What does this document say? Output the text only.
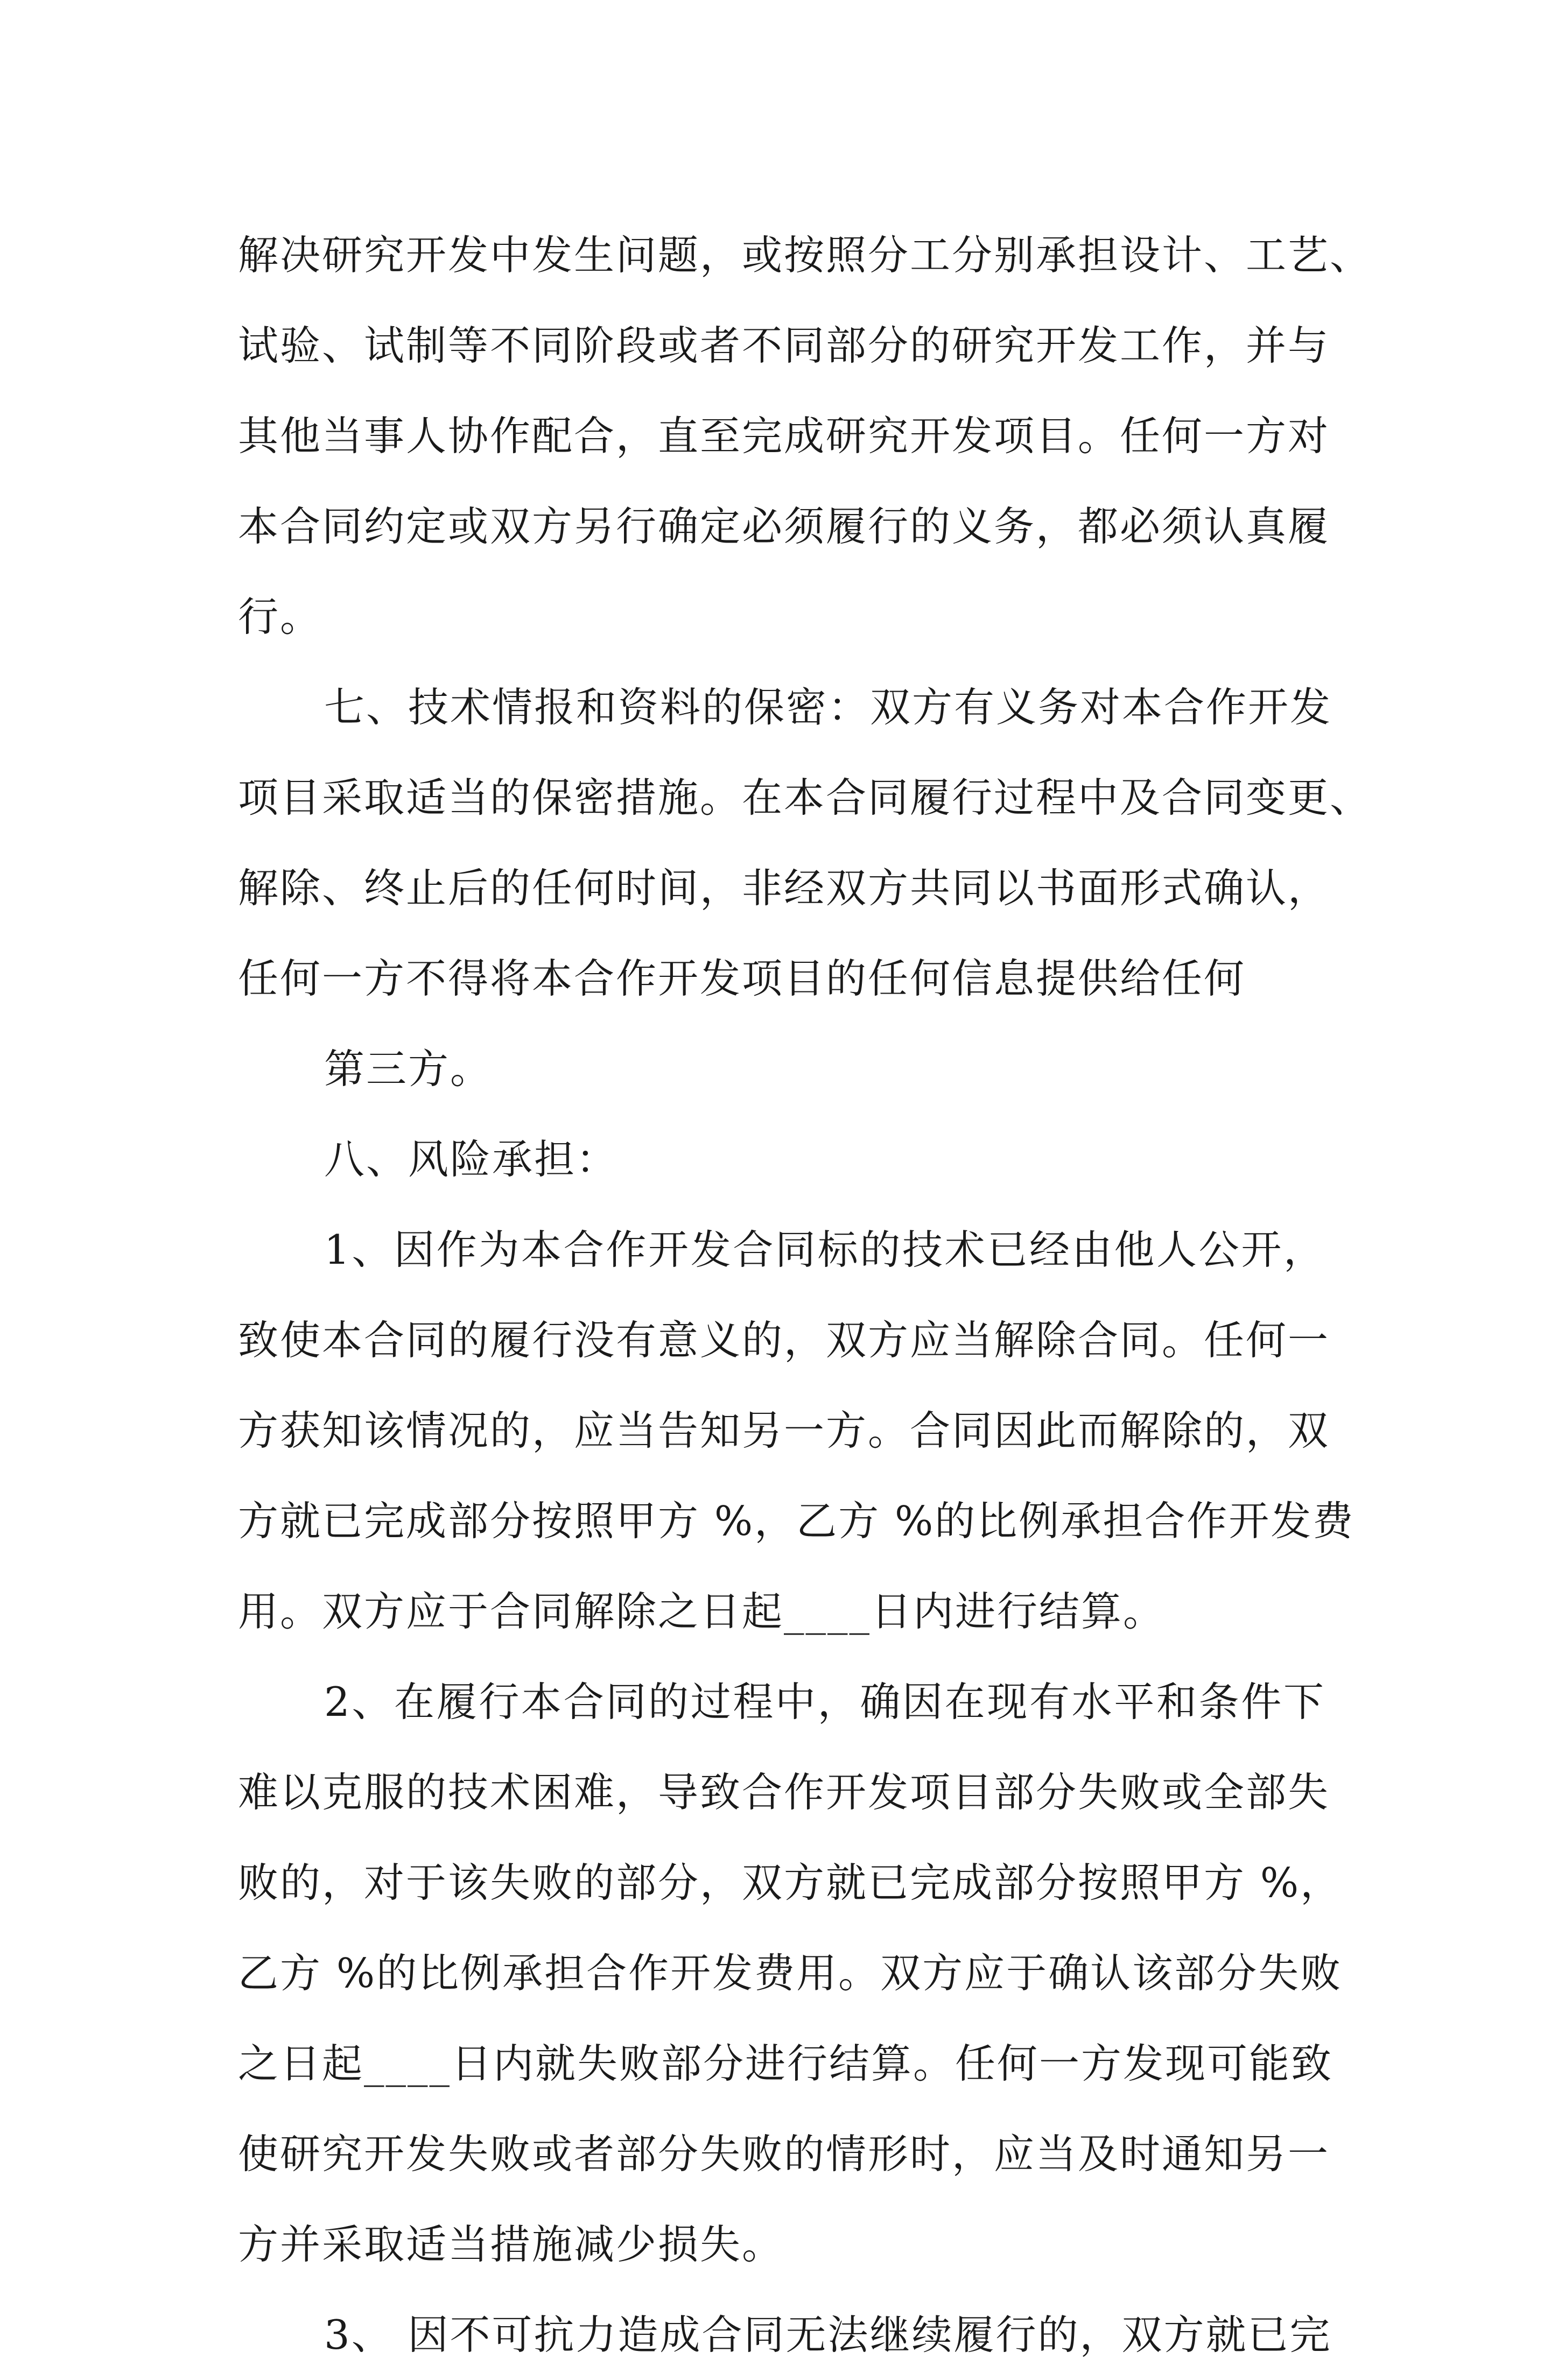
解决研究开发中发生问题，或按照分工分别承担设计、工艺、
试验、试制等不同阶段或者不同部分的研究开发工作，并与
其他当事人协作配合，直至完成研究开发项目。任何一方对
本合同约定或双方另行确定必须履行的义务，都必须认真履
行。
七、技术情报和资料的保密：双方有义务对本合作开发
项目采取适当的保密措施。在本合同履行过程中及合同变更、
解除、终止后的任何时间，非经双方共同以书面形式确认，
任何一方不得将本合作开发项目的任何信息提供给任何
第三方。
八、风险承担：
1、因作为本合作开发合同标的技术已经由他人公开，
致使本合同的履行没有意义的，双方应当解除合同。任何一
方获知该情况的，应当告知另一方。合同因此而解除的，双
方就已完成部分按照甲方 %，乙方 %的比例承担合作开发费
用。双方应于合同解除之日起____日内进行结算。
2、在履行本合同的过程中，确因在现有水平和条件下
难以克服的技术困难，导致合作开发项目部分失败或全部失
败的，对于该失败的部分，双方就已完成部分按照甲方 %，
乙方 %的比例承担合作开发费用。双方应于确认该部分失败
之日起____日内就失败部分进行结算。任何一方发现可能致
使研究开发失败或者部分失败的情形时，应当及时通知另一
方并采取适当措施减少损失。
3、 因不可抗力造成合同无法继续履行的，双方就已完
